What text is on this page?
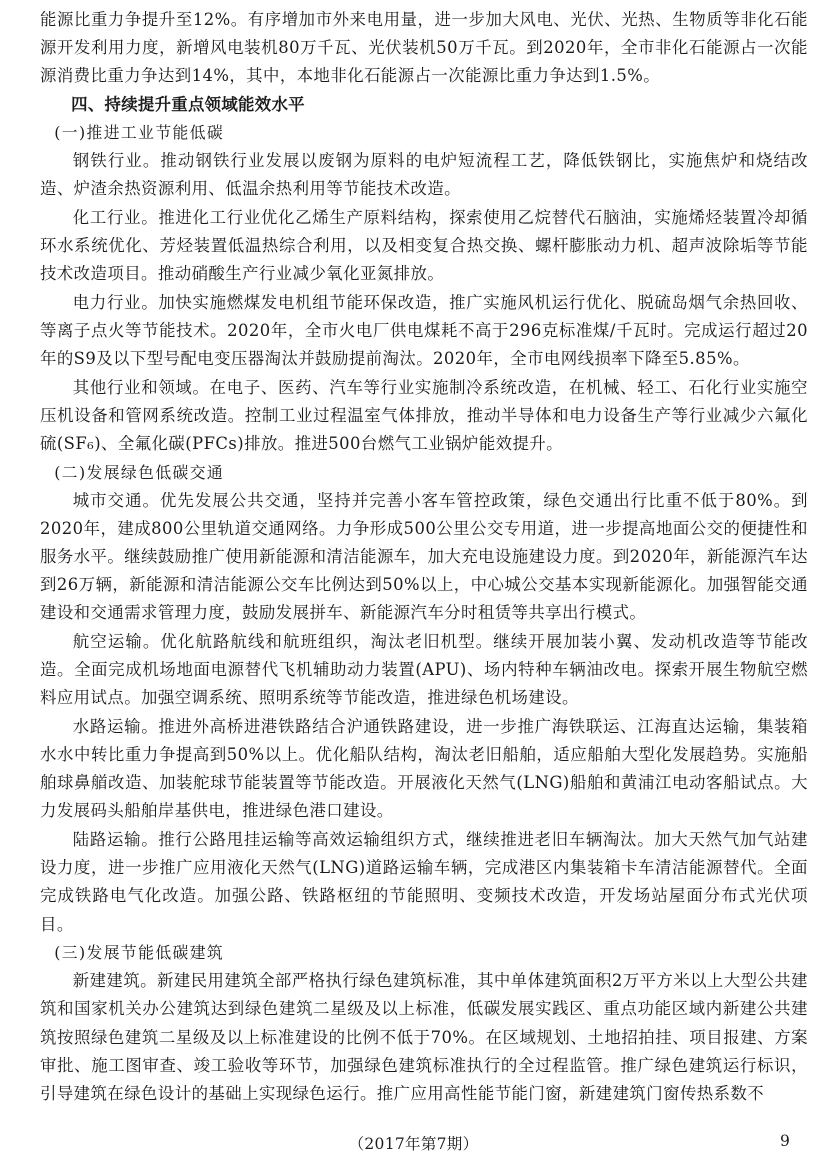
能源比重力争提升至12%。有序增加市外来电用量，进一步加大风电、光伏、光热、生物质等非化石能源开发利用力度，新增风电装机80万千瓦、光伏装机50万千瓦。到2020年，全市非化石能源占一次能源消费比重力争达到14%，其中，本地非化石能源占一次能源比重力争达到1.5%。

四、持续提升重点领域能效水平
(一)推进工业节能低碳

钢铁行业。推动钢铁行业发展以废钢为原料的电炉短流程工艺，降低铁钢比，实施焦炉和烧结改造、炉渣余热资源利用、低温余热利用等节能技术改造。

化工行业。推进化工行业优化乙烯生产原料结构，探索使用乙烷替代石脑油，实施烯烃装置冷却循环水系统优化、芳烃装置低温热综合利用，以及相变复合热交换、螺杆膨胀动力机、超声波除垢等节能技术改造项目。推动硝酸生产行业减少氧化亚氮排放。

电力行业。加快实施燃煤发电机组节能环保改造，推广实施风机运行优化、脱硫岛烟气余热回收、等离子点火等节能技术。2020年，全市火电厂供电煤耗不高于296克标准煤/千瓦时。完成运行超过20年的S9及以下型号配电变压器淘汰并鼓励提前淘汰。2020年，全市电网线损率下降至5.85%。

其他行业和领域。在电子、医药、汽车等行业实施制冷系统改造，在机械、轻工、石化行业实施空压机设备和管网系统改造。控制工业过程温室气体排放，推动半导体和电力设备生产等行业减少六氟化硫(SF₆)、全氟化碳(PFCs)排放。推进500台燃气工业锅炉能效提升。

(二)发展绿色低碳交通

城市交通。优先发展公共交通，坚持并完善小客车管控政策，绿色交通出行比重不低于80%。到2020年，建成800公里轨道交通网络。力争形成500公里公交专用道，进一步提高地面公交的便捷性和服务水平。继续鼓励推广使用新能源和清洁能源车，加大充电设施建设力度。到2020年，新能源汽车达到26万辆，新能源和清洁能源公交车比例达到50%以上，中心城公交基本实现新能源化。加强智能交通建设和交通需求管理力度，鼓励发展拼车、新能源汽车分时租赁等共享出行模式。

航空运输。优化航路航线和航班组织，淘汰老旧机型。继续开展加装小翼、发动机改造等节能改造。全面完成机场地面电源替代飞机辅助动力装置(APU)、场内特种车辆油改电。探索开展生物航空燃料应用试点。加强空调系统、照明系统等节能改造，推进绿色机场建设。

水路运输。推进外高桥进港铁路结合沪通铁路建设，进一步推广海铁联运、江海直达运输，集装箱水水中转比重力争提高到50%以上。优化船队结构，淘汰老旧船舶，适应船舶大型化发展趋势。实施船舶球鼻艏改造、加装舵球节能装置等节能改造。开展液化天然气(LNG)船舶和黄浦江电动客船试点。大力发展码头船舶岸基供电，推进绿色港口建设。

陆路运输。推行公路甩挂运输等高效运输组织方式，继续推进老旧车辆淘汰。加大天然气加气站建设力度，进一步推广应用液化天然气(LNG)道路运输车辆，完成港区内集装箱卡车清洁能源替代。全面完成铁路电气化改造。加强公路、铁路枢纽的节能照明、变频技术改造，开发场站屋面分布式光伏项目。

(三)发展节能低碳建筑

新建建筑。新建民用建筑全部严格执行绿色建筑标准，其中单体建筑面积2万平方米以上大型公共建筑和国家机关办公建筑达到绿色建筑二星级及以上标准，低碳发展实践区、重点功能区域内新建公共建筑按照绿色建筑二星级及以上标准建设的比例不低于70%。在区域规划、土地招拍挂、项目报建、方案审批、施工图审查、竣工验收等环节，加强绿色建筑标准执行的全过程监管。推广绿色建筑运行标识，引导建筑在绿色设计的基础上实现绿色运行。推广应用高性能节能门窗，新建建筑门窗传热系数不

（2017年第7期）	9
